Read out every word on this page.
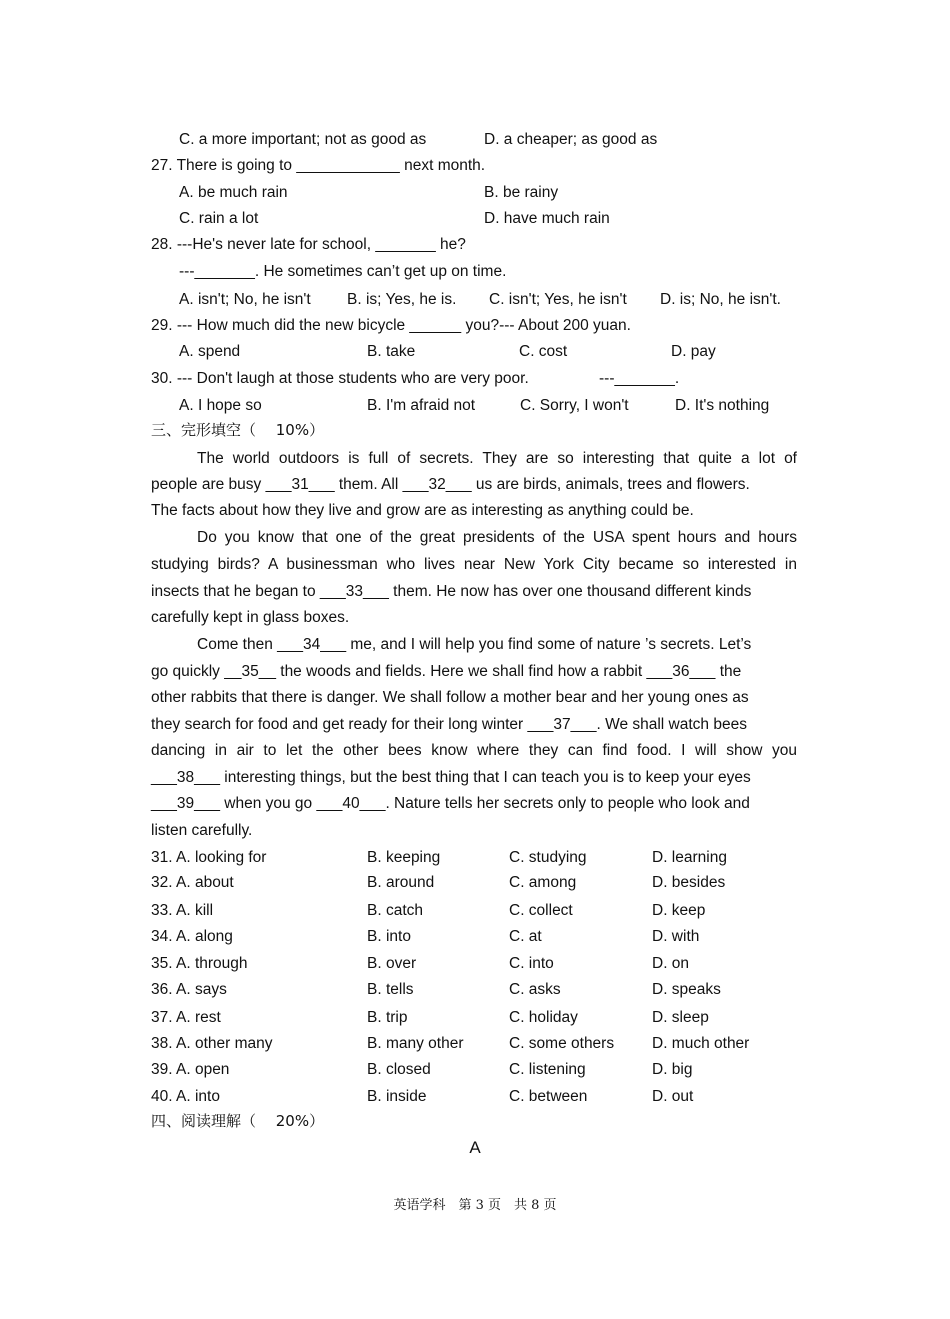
C. a more important; not as good as	D. a cheaper; as good as
27. There is going to ____________ next month.
A. be much rain	B. be rainy
C. rain a lot	D. have much rain
28. ---He's never late for school, _______ he?
---_______. He sometimes can’t get up on time.
A. isn't; No, he isn't B. is; Yes, he is. C. isn't; Yes, he isn't D. is; No, he isn't.
29. --- How much did the new bicycle ______ you?--- About 200 yuan.
A. spend	B. take	C. cost	D. pay
30. --- Don't laugh at those students who are very poor.	---_______.
A. I hope so	B. I'm afraid not	C. Sorry, I won't	D. It's nothing
三、完形填空（　 10%）
The world outdoors is full of secrets. They are so interesting that quite a lot of
people are busy ___31___ them. All ___32___ us are birds, animals, trees and flowers.
The facts about how they live and grow are as interesting as anything could be.
Do you know that one of the great presidents of the USA spent hours and hours
studying birds? A businessman who lives near New York City became so interested in
insects that he began to ___33___ them. He now has over one thousand different kinds
carefully kept in glass boxes.
Come then ___34___ me, and I will help you find some of nature ’s secrets. Let’s
go quickly __35__ the woods and fields. Here we shall find how a rabbit ___36___ the
other rabbits that there is danger. We shall follow a mother bear and her young ones as
they search for food and get ready for their long winter ___37___. We shall watch bees
dancing in air to let the other bees know where they can find food. I will show you
___38___ interesting things, but the best thing that I can teach you is to keep your eyes
___39___ when you go ___40___. Nature tells her secrets only to people who look and
listen carefully.
31. A. looking for	B. keeping	C. studying	D. learning
32. A. about	B. around	C. among	D. besides
33. A. kill	B. catch	C. collect	D. keep
34. A. along	B. into	C. at	D. with
35. A. through	B. over	C. into	D. on
36. A. says	B. tells	C. asks	D. speaks
37. A. rest	B. trip	C. holiday	D. sleep
38. A. other many	B. many other	C. some others D. much other
39. A. open	B. closed	C. listening	D. big
40. A. into	B. inside	C. between	D. out
四、阅读理解（　 20%）
A
英语学科　第 3 页　共 8 页
